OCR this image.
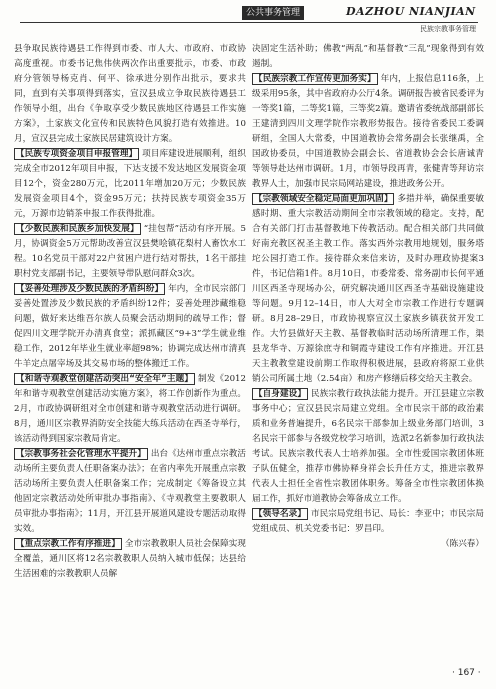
公共事务管理	DAZHOU NIANJIAN
民族宗教事务管理

县争取民族待遇县工作得到市委、市人大、市政府、市政协高度重视。市委书记焦伟侠两次作出重要批示，市委、市政府分管领导杨克肖、何平、徐承进分别作出批示，要求共同，直到有关事项得到落实，宣汉县成立争取民族待遇县工作领导小组，出台《争取享受少数民族地区待遇县工作实施方案》，土家族文化宣传和民族特色风貌打造有效推进。10月，宣汉县完成土家族民居建筑设计方案。

【民族专项资金项目申报管理】 项目库建设进展顺利，组织完成全市2012年项目申报，下达支援不发达地区发展资金项目12个，资金280万元，比2011年增加20万元；少数民族发展资金项目4个，资金95万元；扶持民族专项资金35万元，万源市边销茶申报工作获得批准。

【少数民族和民族乡加快发展】 “挂包帮”活动有序开展。5月，协调资金5万元帮助改善宣汉县樊哙镇花梨村人畜饮水工程。10名党员干部对22户贫困户进行结对帮扶，1名干部挂职村党支部副书记，主要领导带队慰问群众3次。

【妥善处理涉及少数民族的矛盾纠纷】 年内，全市民宗部门妥善处置涉及少数民族的矛盾纠纷12件；妥善处理涉藏维稳问题，做好来达维吾尔族人员聚会活动期间的疏导工作；督促四川文理学院开办清真食堂；派抓藏区“9+3”学生就业维稳工作，2012年毕业生就业率超98%；协调完成达州市清真牛羊定点屠宰场及其交易市场的整体搬迁工作。

【和谐寺观教堂创建活动突出“安全年”主题】 制发《2012年和谐寺观教堂创建活动实施方案》，将工作创新作为重点。2月，市政协调研组对全市创建和谐寺观教堂活动进行调研。8月，通川区宗教界消防安全技能大练兵活动在西圣寺举行，该活动得到国家宗教局肯定。

【宗教事务社会化管理水平提升】 出台《达州市重点宗教活动场所主要负责人任职备案办法》；在省内率先开展重点宗教活动场所主要负责人任职备案工作；完成制定《筹备设立其他固定宗教活动处所审批办事指南》、《寺观教堂主要教职人员审批办事指南》；11月，开江县开展道风建设专题活动取得实效。

【重点宗教工作有序推进】 全市宗教教职人员社会保障实现全覆盖，通川区将12名宗教教职人员纳入城市低保；达县给生活困难的宗教教职人员解

决固定生活补助；佛教“两乱”和基督教“三乱”现象得到有效遏制。

【民族宗教工作宣传更加务实】 年内，上报信息116条，上级采用95条，其中省政府办公厅4条。调研报告被省民委评为一等奖1篇，二等奖1篇，三等奖2篇。邀请省委统战部副部长王建清到四川文理学院作宗教形势报告。接待省委民工委调研组，全国人大常委，中国道教协会常务副会长张继禹，全国政协委员，中国道教协会副会长、省道教协会会长唐诚青等领导赴达州市调研。1月，市领导段再青，张健青等拜访宗教界人士，加强市民宗局网站建设，推进政务公开。

【宗教领域安全稳定局面更加巩固】 多措并举，确保重要敏感时期、重大宗教活动期间全市宗教领域的稳定。支持，配合有关部门打击基督教地下传教活动。配合相关部门共同做好南充教区祝圣主教工作。落实西外宗教用地规划，服务塔坨公园打造工作。接待群众来信来访，及时办理政协提案3件，书记信箱1件。8月10日，市委常委、常务副市长何平通川区西圣寺现场办公，研究解决通川区西圣寺基础设施建设等问题。9月12–14日，市人大对全市宗教工作进行专题调研。8月28–29日，市政协视察宣汉土家族乡镇获贫开发工作。大竹县做好天主教、基督教临时活动场所清理工作，渠县龙华寺、万源徐庶寺和铜霞寺建设工作有序推进。开江县天主教教堂建设前期工作取得积极进展，县政府将原工业供销公司所属土地（2.54亩）和房产修缮后移交给天主教会。

【自身建设】 民族宗教行政执法能力提升。开江县建立宗教事务中心；宣汉县民宗局建立党组。全市民宗干部的政治素质和业务普遍提升，6名民宗干部参加上级业务部门培训，3名民宗干部参与各级党校学习培训，选派2名新参加行政执法考试。民族宗教代表人士培养加强。全市性爱国宗教团体班子队伍健全，推荐市佛协释身祥会长升任方丈，推进宗教界代表人士担任全省性宗教团体职务。筹备全市性宗教团体换届工作，抓好市道教协会筹备成立工作。

【领导名录】 市民宗局党组书记、局长：李亚中；市民宗局党组成员、机关党委书记：罗昌印。

（陈兴春）
· 167 ·
